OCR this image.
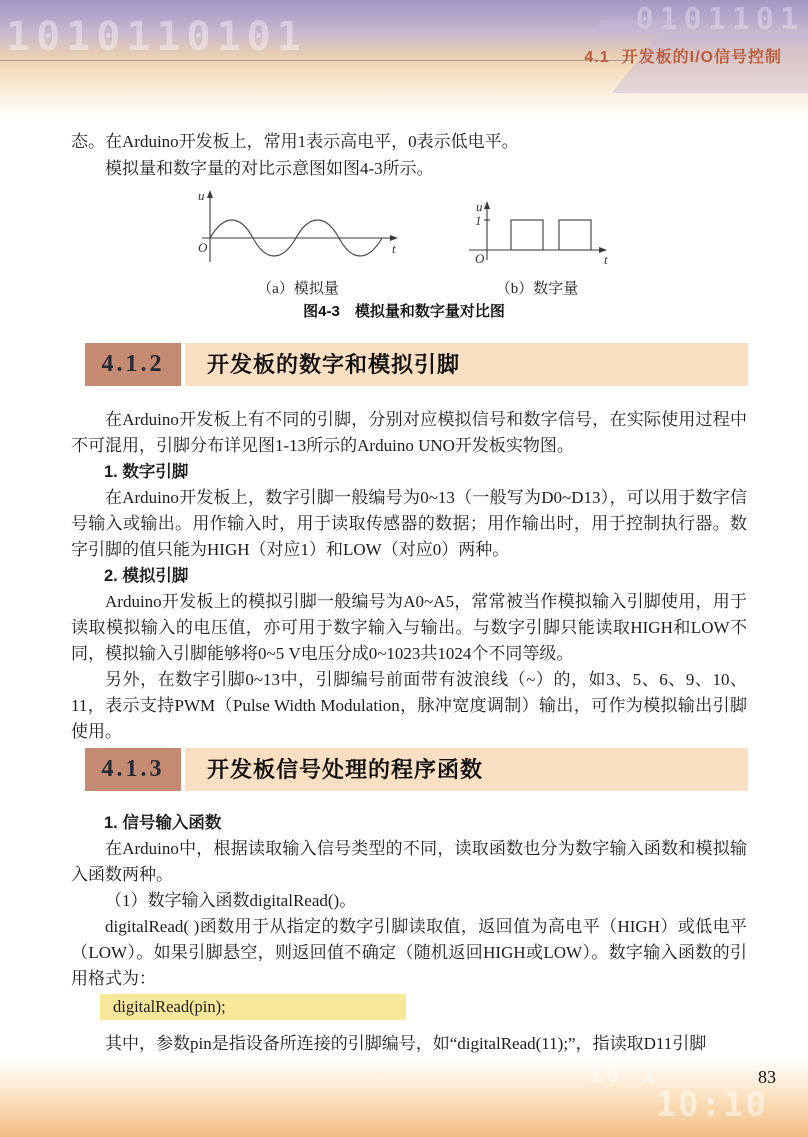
1010110101	0101101
4.1 开发板的I/O信号控制

态。在Arduino开发板上，常用1表示高电平，0表示低电平。

模拟量和数字量的对比示意图如图4-3所示。

u
O	t
u
1
O	t
（a）模拟量	（b）数字量
图4-3　模拟量和数字量对比图
4.1.2	开发板的数字和模拟引脚

在Arduino开发板上有不同的引脚，分别对应模拟信号和数字信号，在实际使用过程中不可混用，引脚分布详见图1-13所示的Arduino UNO开发板实物图。

1. 数字引脚

在Arduino开发板上，数字引脚一般编号为0~13（一般写为D0~D13），可以用于数字信号输入或输出。用作输入时，用于读取传感器的数据；用作输出时，用于控制执行器。数字引脚的值只能为HIGH（对应1）和LOW（对应0）两种。

2. 模拟引脚

Arduino开发板上的模拟引脚一般编号为A0~A5，常常被当作模拟输入引脚使用，用于读取模拟输入的电压值，亦可用于数字输入与输出。与数字引脚只能读取HIGH和LOW不同，模拟输入引脚能够将0~5 V电压分成0~1023共1024个不同等级。

另外，在数字引脚0~13中，引脚编号前面带有波浪线（~）的，如3、5、6、9、10、11，表示支持PWM（Pulse Width Modulation，脉冲宽度调制）输出，可作为模拟输出引脚使用。

4.1.3	开发板信号处理的程序函数

1. 信号输入函数

在Arduino中，根据读取输入信号类型的不同，读取函数也分为数字输入函数和模拟输入函数两种。

（1）数字输入函数digitalRead()。

digitalRead( )函数用于从指定的数字引脚读取值，返回值为高电平（HIGH）或低电平（LOW）。如果引脚悬空，则返回值不确定（随机返回HIGH或LOW）。数字输入函数的引用格式为：

digitalRead(pin);

其中，参数pin是指设备所连接的引脚编号，如“digitalRead(11);”，指读取D11引脚

10 1
10:10
83
